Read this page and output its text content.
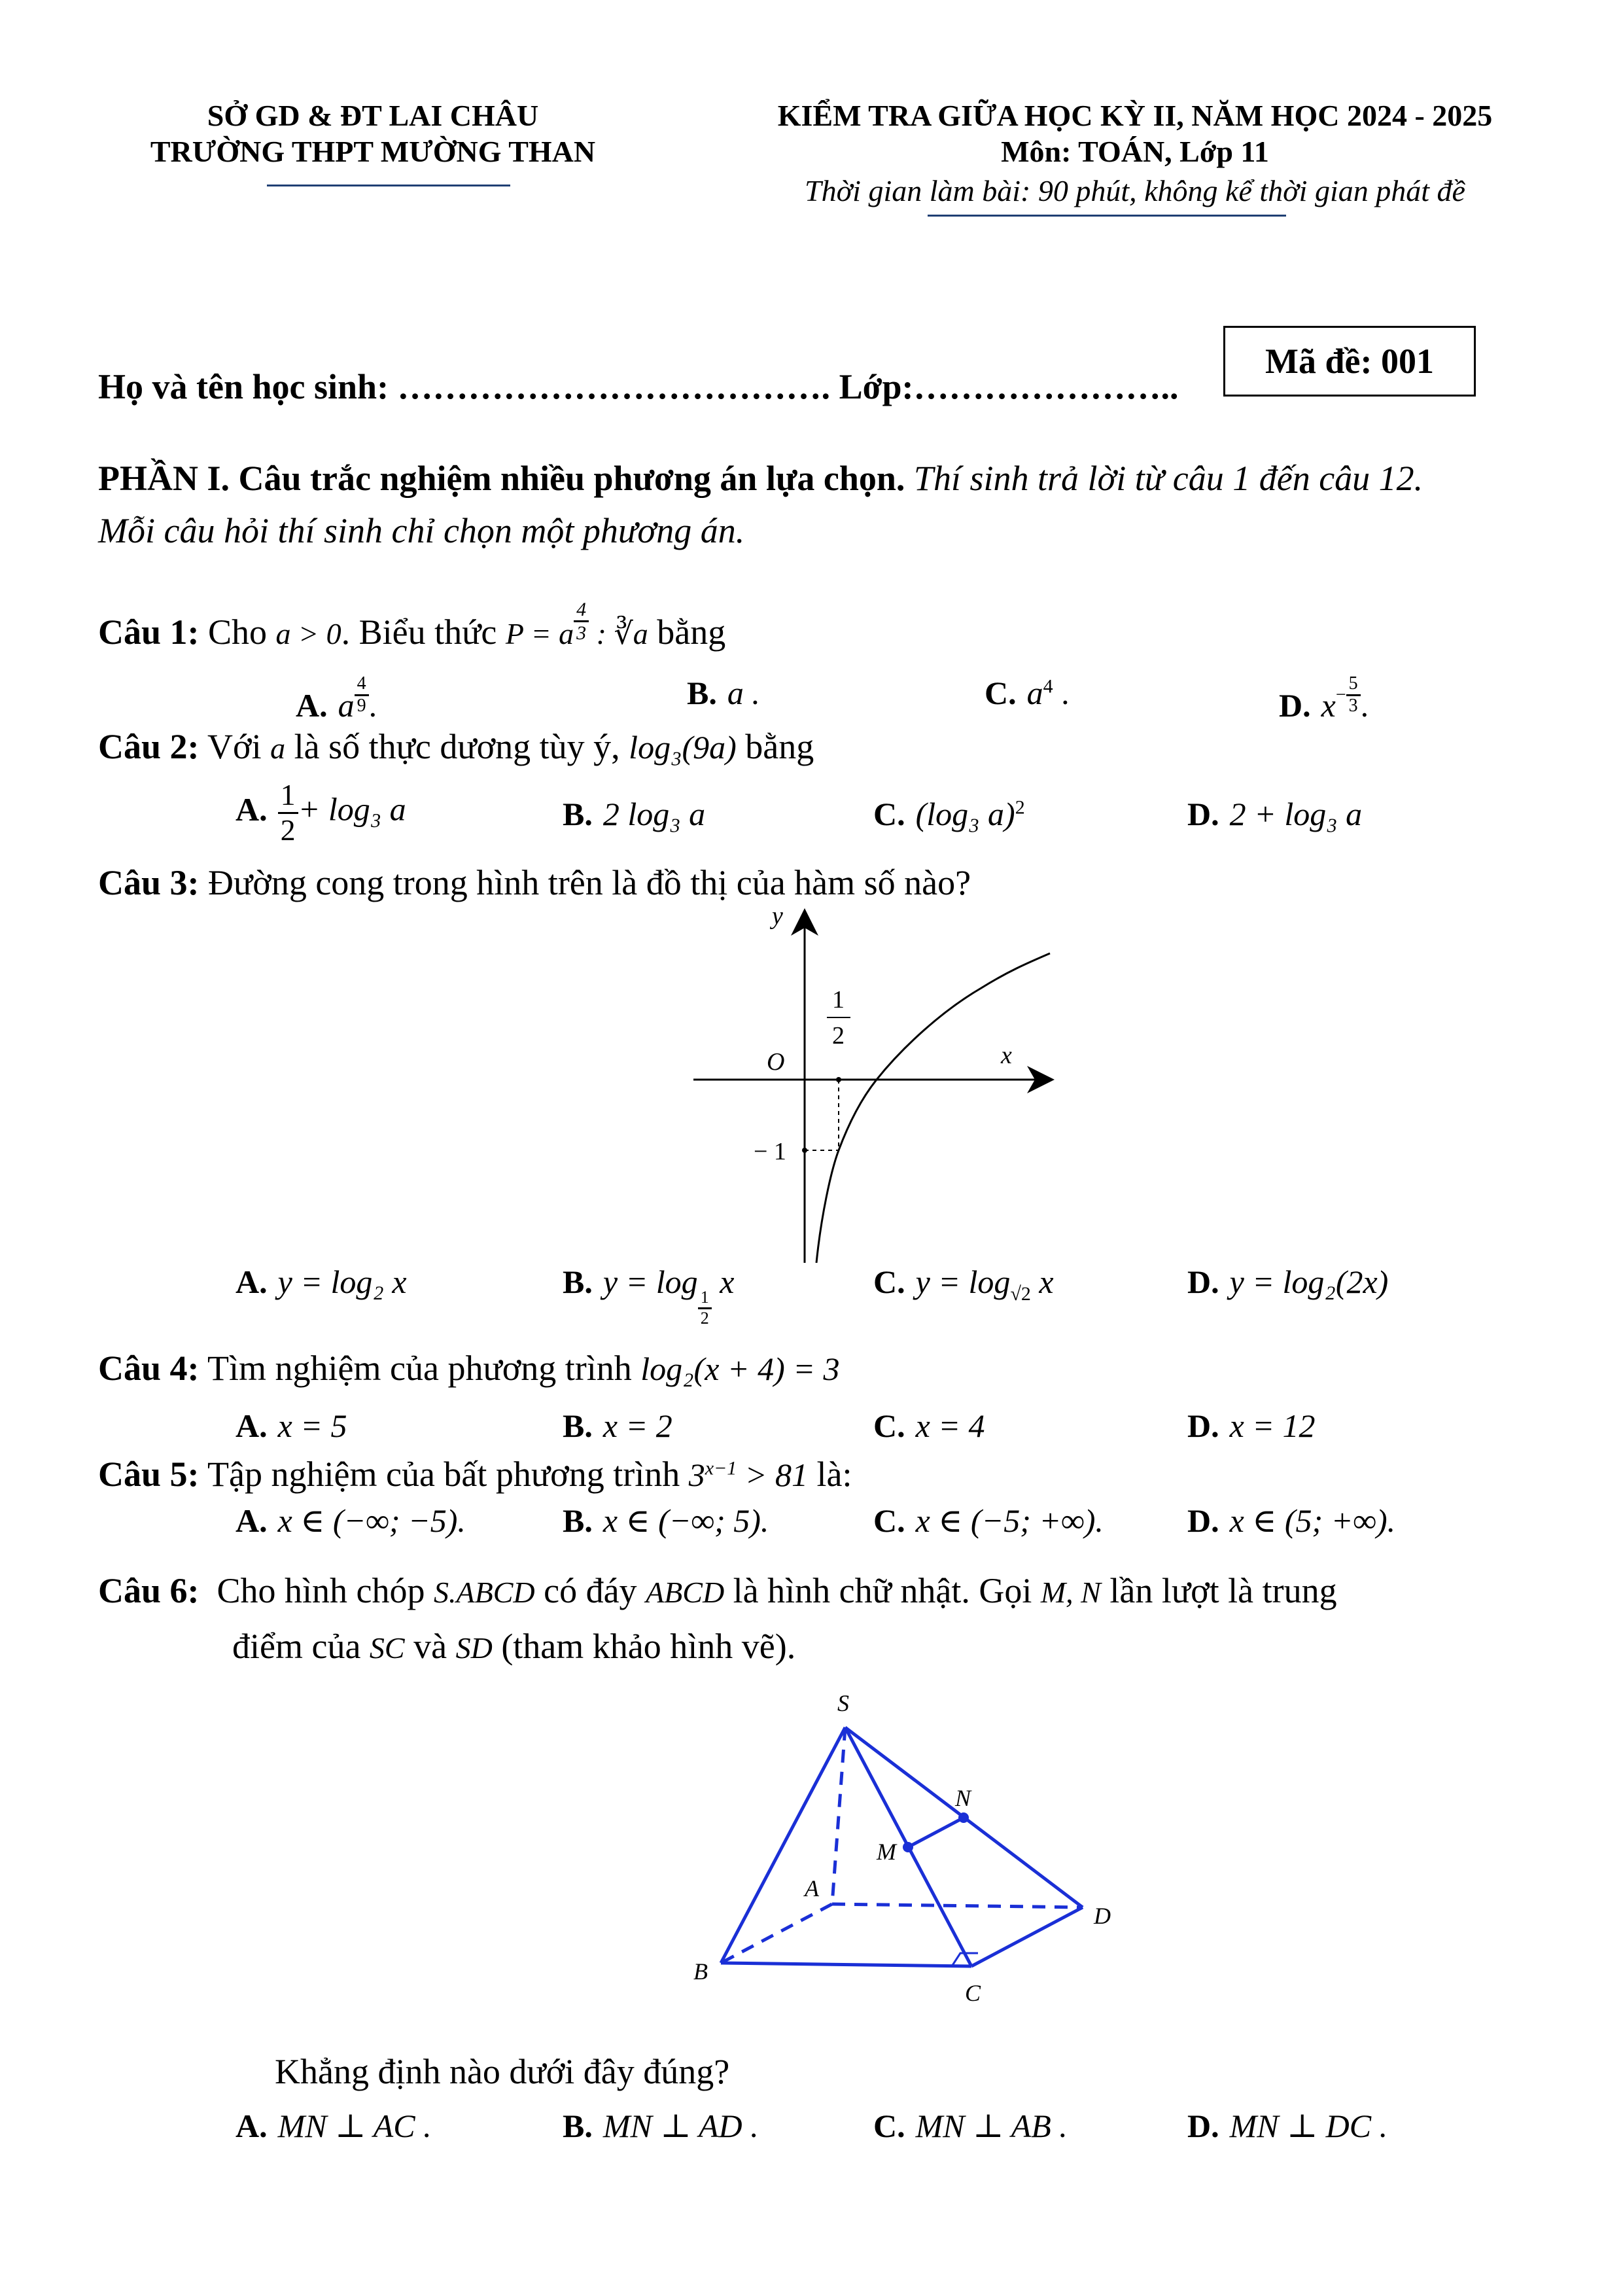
SỞ GD & ĐT LAI CHÂU
TRƯỜNG THPT MƯỜNG THAN
KIỂM TRA GIỮA HỌC KỲ II, NĂM HỌC 2024 - 2025
Môn: TOÁN, Lớp 11
Thời gian làm bài: 90 phút, không kể thời gian phát đề
Họ và tên học sinh: ………………………………. Lớp:…………………..
Mã đề: 001
PHẦN I. Câu trắc nghiệm nhiều phương án lựa chọn. Thí sinh trả lời từ câu 1 đến câu 12.
Mỗi câu hỏi thí sinh chỉ chọn một phương án.
Câu 1: Cho a > 0. Biểu thức P = a $^{\frac{4}{3}}$ : ∛a bằng
A. a $^{\frac{4}{9}}$ .	B. a .	C. $a^4$ .	D. $x^{- \frac{5}{3}}$ .
Câu 2: Với a là số thực dương tùy ý, log₃(9a) bằng
A. $\frac{1}{2} + \log_3$ a	B. 2 log₃ a	C. (log₃ a)$^2$	D. 2 + log₃ a
Câu 3: Đường cong trong hình trên là đồ thị của hàm số nào?
y
x
O
1
2
− 1
A. y = log₂ x	B. y = log
$_{\frac{1}{2}}$
x	C. $y = \log_{√2} x$	D. y = log₂(2x)
Câu 4: Tìm nghiệm của phương trình log₂(x + 4) = 3
A. x = 5	B. x = 2	C. x = 4	D. x = 12
Câu 5: Tập nghiệm của bất phương trình $3^{x-1} > 81$ là:
A. x ∈ (−∞; −5).	B. x ∈ (−∞; 5).	C. x ∈ (−5; +∞).	D. x ∈ (5; +∞).
Câu 6: Cho hình chóp S.ABCD có đáy ABCD là hình chữ nhật. Gọi M, N lần lượt là trung
điểm của SC và SD (tham khảo hình vẽ).
S
N
M
A
D
B
C
Khẳng định nào dưới đây đúng?
A. MN ⊥ AC .	B. MN ⊥ AD .	C. MN ⊥ AB .	D. MN ⊥ DC .
